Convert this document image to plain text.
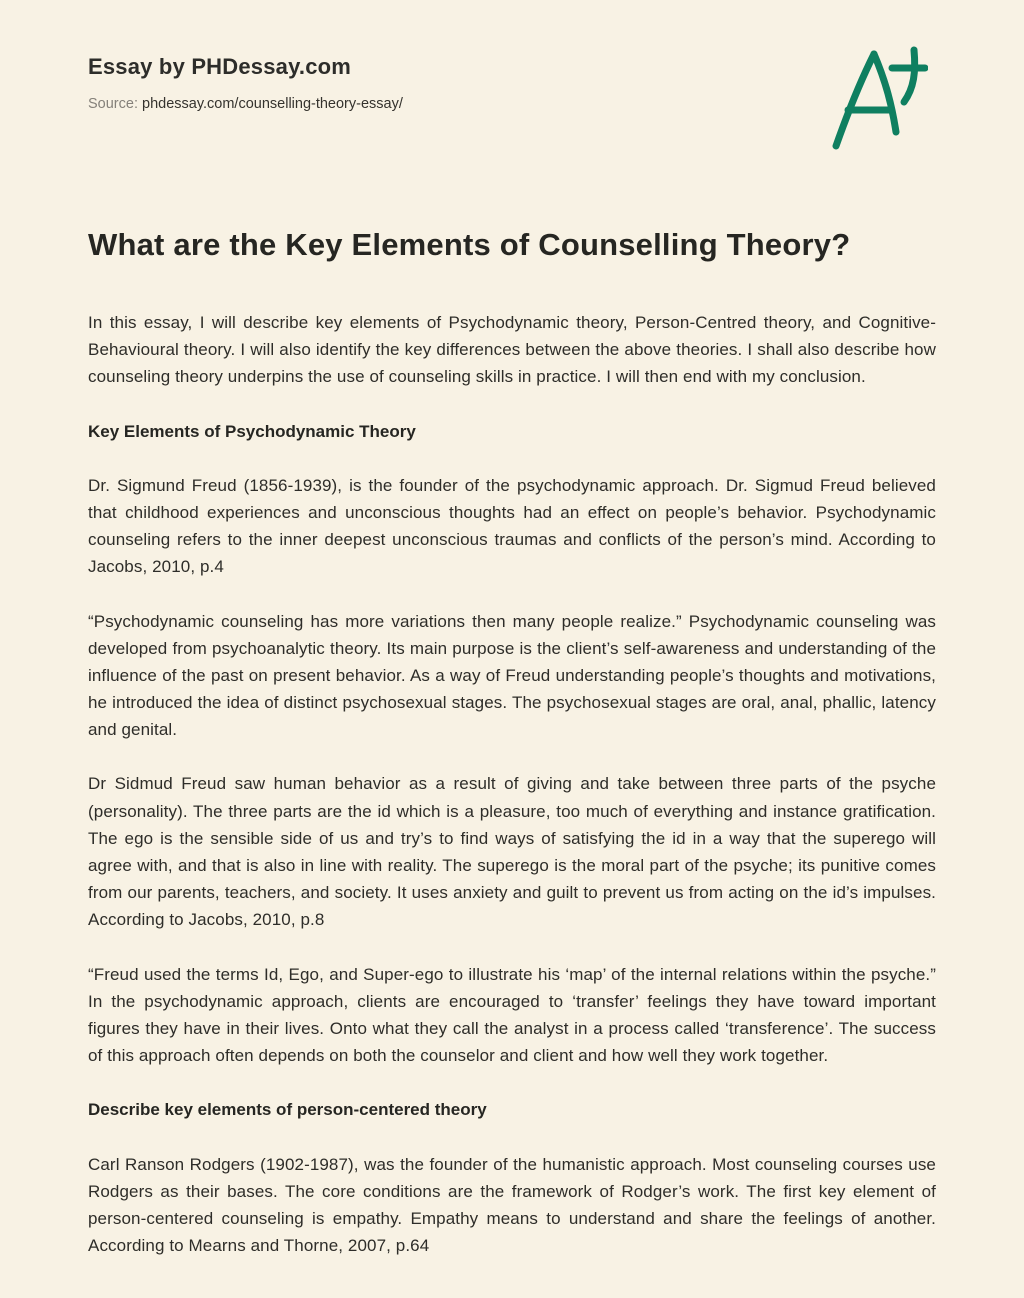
Essay by PHDessay.com
Source: phdessay.com/counselling-theory-essay/
What are the Key Elements of Counselling Theory?

In this essay, I will describe key elements of Psychodynamic theory, Person-Centred theory, and Cognitive-Behavioural theory. I will also identify the key differences between the above theories. I shall also describe how counseling theory underpins the use of counseling skills in practice. I will then end with my conclusion.

Key Elements of Psychodynamic Theory

Dr. Sigmund Freud (1856-1939), is the founder of the psychodynamic approach. Dr. Sigmud Freud believed that childhood experiences and unconscious thoughts had an effect on people’s behavior. Psychodynamic counseling refers to the inner deepest unconscious traumas and conflicts of the person’s mind. According to Jacobs, 2010, p.4

“Psychodynamic counseling has more variations then many people realize.” Psychodynamic counseling was developed from psychoanalytic theory. Its main purpose is the client’s self-awareness and understanding of the influence of the past on present behavior. As a way of Freud understanding people’s thoughts and motivations, he introduced the idea of distinct psychosexual stages. The psychosexual stages are oral, anal, phallic, latency and genital.

Dr Sidmud Freud saw human behavior as a result of giving and take between three parts of the psyche (personality). The three parts are the id which is a pleasure, too much of everything and instance gratification. The ego is the sensible side of us and try’s to find ways of satisfying the id in a way that the superego will agree with, and that is also in line with reality. The superego is the moral part of the psyche; its punitive comes from our parents, teachers, and society. It uses anxiety and guilt to prevent us from acting on the id’s impulses. According to Jacobs, 2010, p.8

“Freud used the terms Id, Ego, and Super-ego to illustrate his ‘map’ of the internal relations within the psyche.” In the psychodynamic approach, clients are encouraged to ‘transfer’ feelings they have toward important figures they have in their lives. Onto what they call the analyst in a process called ‘transference’. The success of this approach often depends on both the counselor and client and how well they work together.

Describe key elements of person-centered theory

Carl Ranson Rodgers (1902-1987), was the founder of the humanistic approach. Most counseling courses use Rodgers as their bases. The core conditions are the framework of Rodger’s work. The first key element of person-centered counseling is empathy. Empathy means to understand and share the feelings of another. According to Mearns and Thorne, 2007, p.64
